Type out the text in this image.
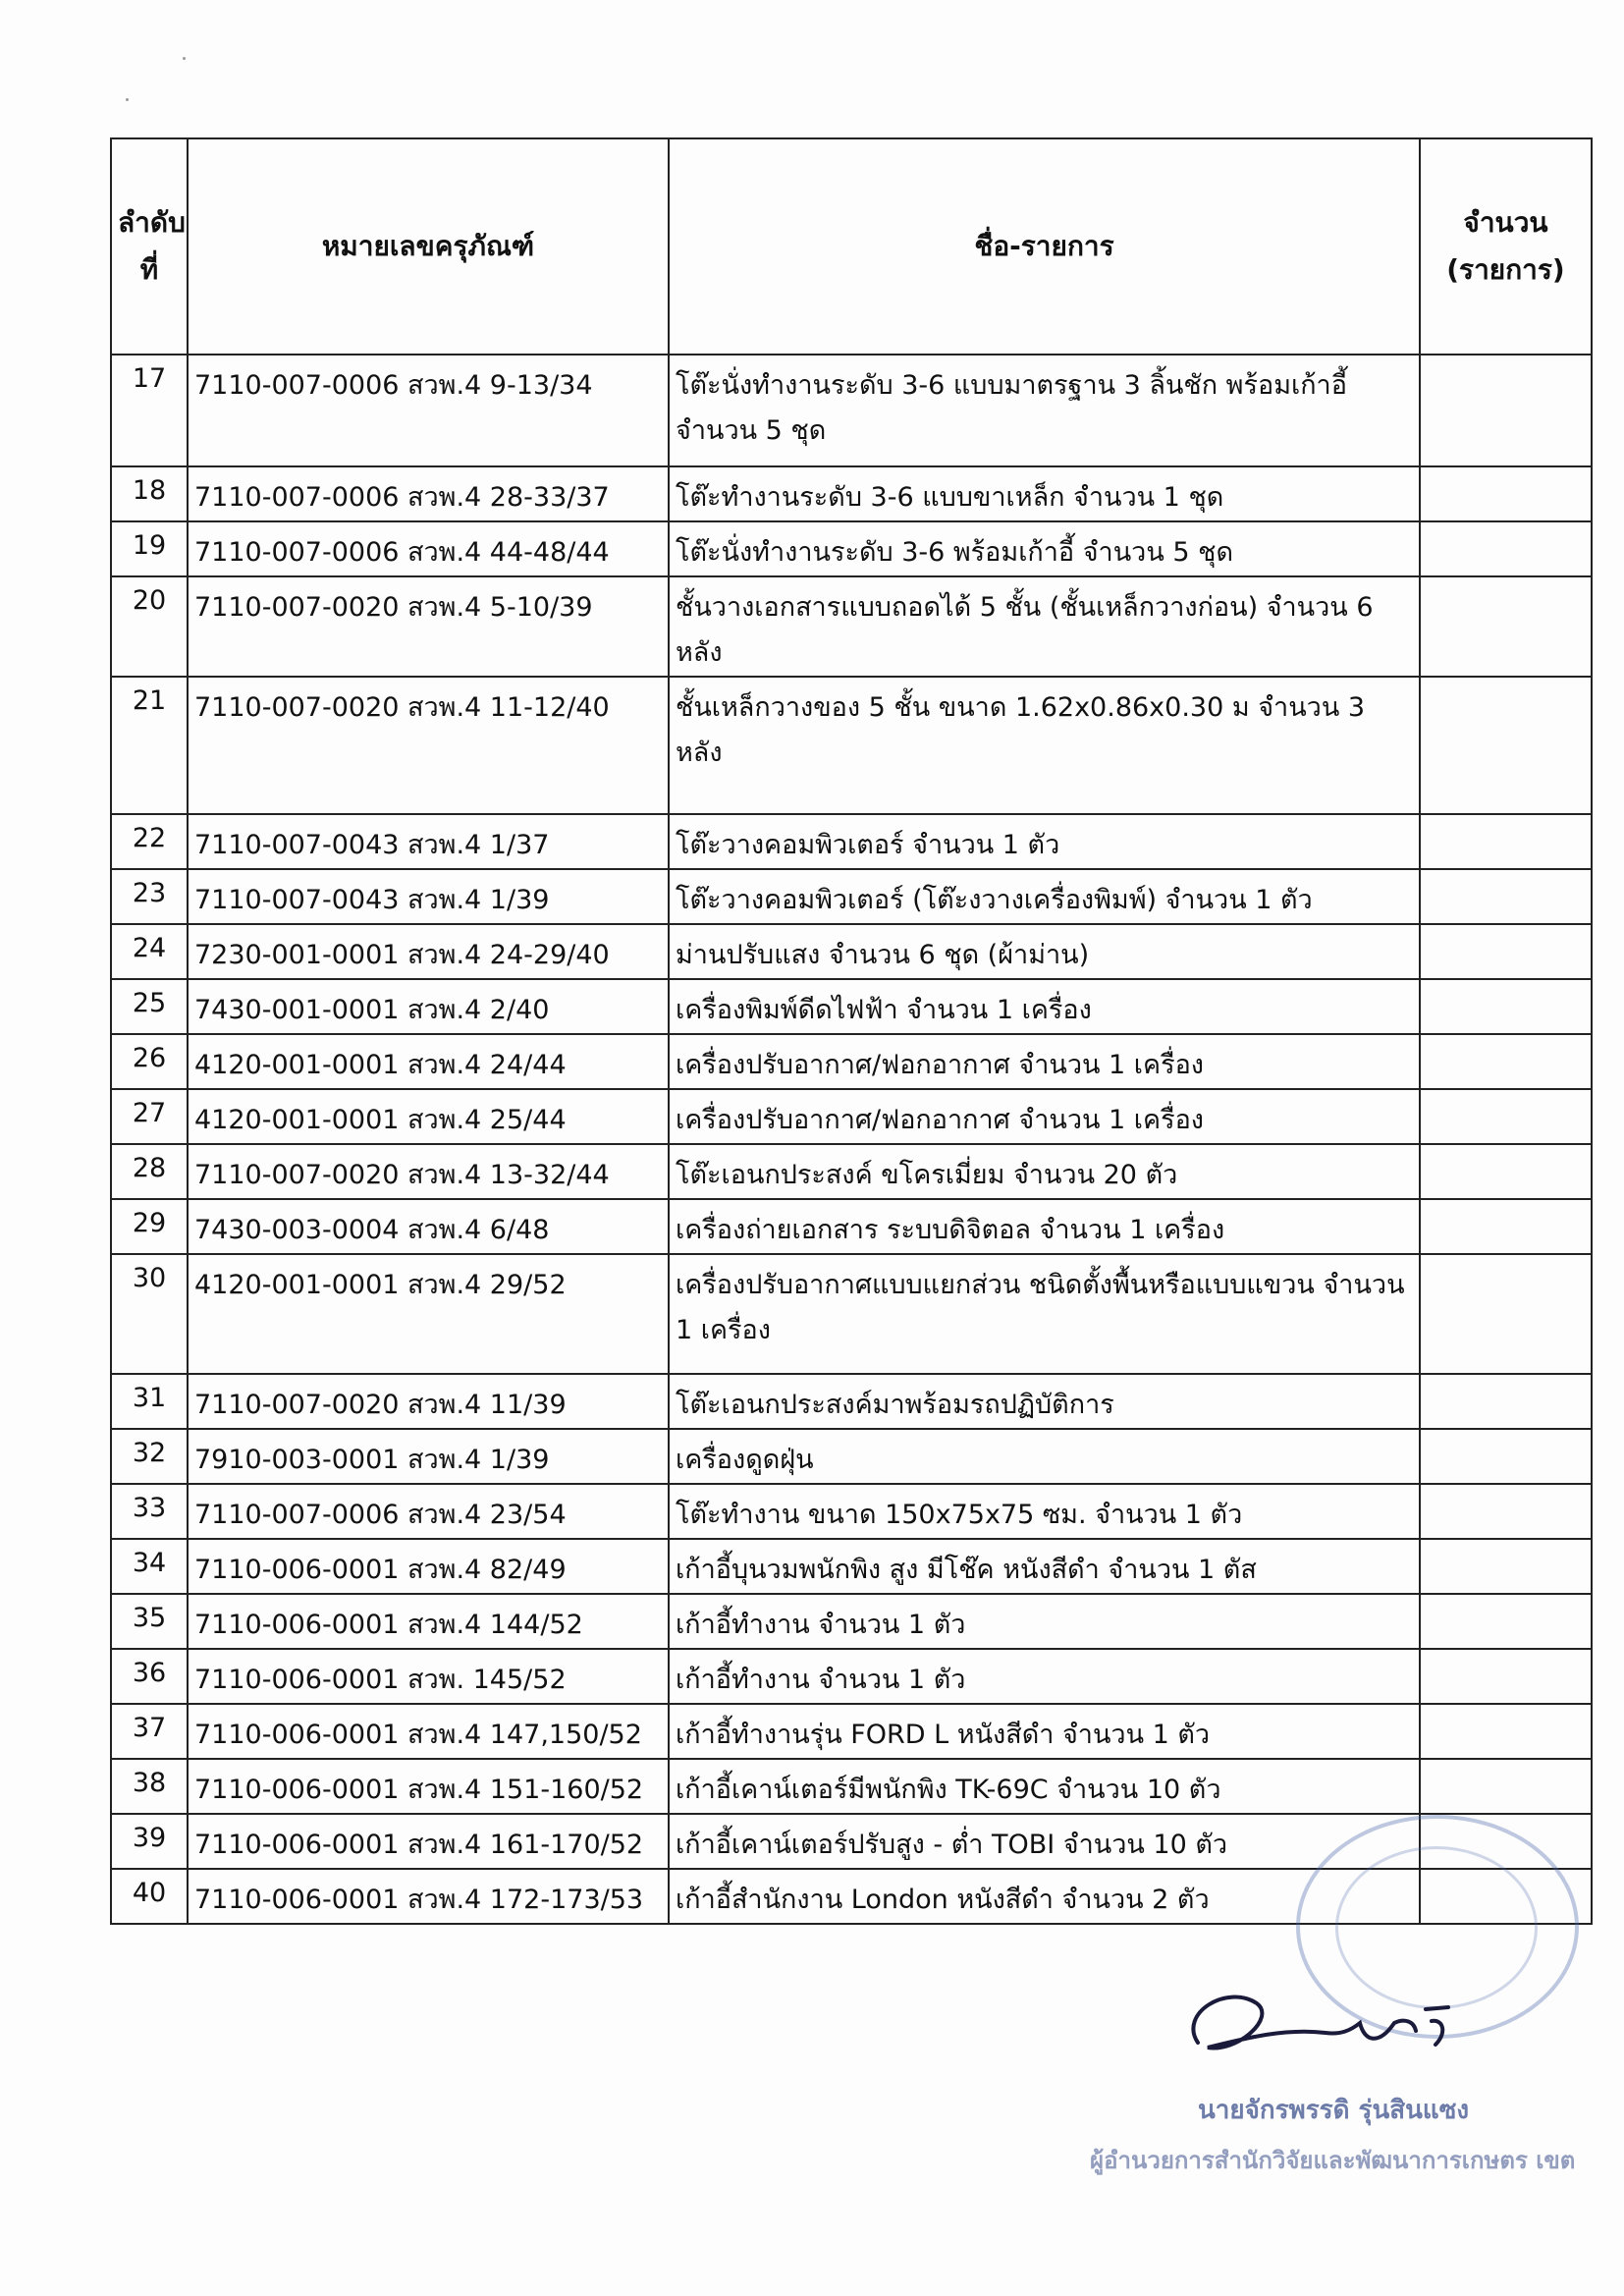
ลำดับที่	หมายเลขครุภัณฑ์	ชื่อ-รายการ	จำนวน (รายการ)
17	7110-007-0006 สวพ.4 9-13/34	โต๊ะนั่งทำงานระดับ 3-6 แบบมาตรฐาน 3 ลิ้นชัก พร้อมเก้าอี้ จำนวน 5 ชุด	
18	7110-007-0006 สวพ.4 28-33/37	โต๊ะทำงานระดับ 3-6 แบบขาเหล็ก จำนวน 1 ชุด	
19	7110-007-0006 สวพ.4 44-48/44	โต๊ะนั่งทำงานระดับ 3-6 พร้อมเก้าอี้ จำนวน 5 ชุด	
20	7110-007-0020 สวพ.4 5-10/39	ชั้นวางเอกสารแบบถอดได้ 5 ชั้น (ชั้นเหล็กวางก่อน) จำนวน 6 หลัง	
21	7110-007-0020 สวพ.4 11-12/40	ชั้นเหล็กวางของ 5 ชั้น ขนาด 1.62x0.86x0.30 ม จำนวน 3 หลัง	
22	7110-007-0043 สวพ.4 1/37	โต๊ะวางคอมพิวเตอร์ จำนวน 1 ตัว	
23	7110-007-0043 สวพ.4 1/39	โต๊ะวางคอมพิวเตอร์ (โต๊ะงวางเครื่องพิมพ์) จำนวน 1 ตัว	
24	7230-001-0001 สวพ.4 24-29/40	ม่านปรับแสง จำนวน 6 ชุด (ผ้าม่าน)	
25	7430-001-0001 สวพ.4 2/40	เครื่องพิมพ์ดีดไฟฟ้า จำนวน 1 เครื่อง	
26	4120-001-0001 สวพ.4 24/44	เครื่องปรับอากาศ/ฟอกอากาศ จำนวน 1 เครื่อง	
27	4120-001-0001 สวพ.4 25/44	เครื่องปรับอากาศ/ฟอกอากาศ จำนวน 1 เครื่อง	
28	7110-007-0020 สวพ.4 13-32/44	โต๊ะเอนกประสงค์ ขโครเมี่ยม จำนวน 20 ตัว	
29	7430-003-0004 สวพ.4 6/48	เครื่องถ่ายเอกสาร ระบบดิจิตอล จำนวน 1 เครื่อง	
30	4120-001-0001 สวพ.4 29/52	เครื่องปรับอากาศแบบแยกส่วน ชนิดตั้งพื้นหรือแบบแขวน จำนวน 1 เครื่อง	
31	7110-007-0020 สวพ.4 11/39	โต๊ะเอนกประสงค์มาพร้อมรถปฏิบัติการ	
32	7910-003-0001 สวพ.4 1/39	เครื่องดูดฝุ่น	
33	7110-007-0006 สวพ.4 23/54	โต๊ะทำงาน ขนาด 150x75x75 ซม. จำนวน 1 ตัว	
34	7110-006-0001 สวพ.4 82/49	เก้าอี้บุนวมพนักพิง สูง มีโช๊ค หนังสีดำ จำนวน 1 ตัส	
35	7110-006-0001 สวพ.4 144/52	เก้าอี้ทำงาน จำนวน 1 ตัว	
36	7110-006-0001 สวพ. 145/52	เก้าอี้ทำงาน จำนวน 1 ตัว	
37	7110-006-0001 สวพ.4 147,150/52	เก้าอี้ทำงานรุ่น FORD L หนังสีดำ จำนวน 1 ตัว	
38	7110-006-0001 สวพ.4 151-160/52	เก้าอี้เคาน์เตอร์มีพนักพิง TK-69C จำนวน 10 ตัว	
39	7110-006-0001 สวพ.4 161-170/52	เก้าอี้เคาน์เตอร์ปรับสูง - ต่ำ TOBI จำนวน 10 ตัว	
40	7110-006-0001 สวพ.4 172-173/53	เก้าอี้สำนักงาน London หนังสีดำ จำนวน 2 ตัว	
นายจักรพรรดิ รุ่นสินแซง
ผู้อำนวยการสำนักวิจัยและพัฒนาการเกษตร เขต
